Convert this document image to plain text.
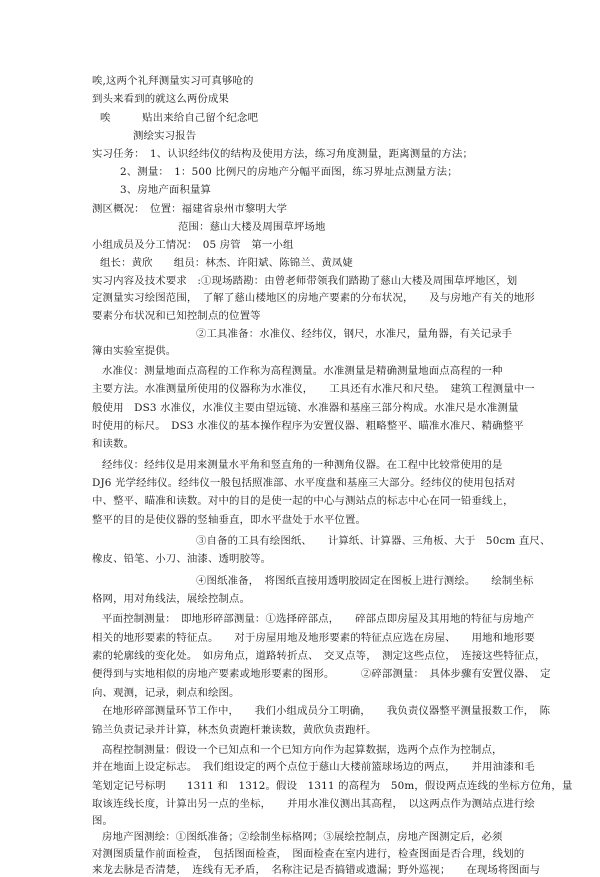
唉,这两个礼拜测量实习可真够呛的
到头来看到的就这么两份成果
唉　　　贴出来给自己留个纪念吧
测绘实习报告
实习任务：　1、认识经纬仪的结构及使用方法，练习角度测量，距离测量的方法；
2、测量：　1：500 比例尺的房地产分幅平面图，练习界址点测量方法；
3、房地产面积量算
测区概况：　位置：福建省泉州市黎明大学
范围：慈山大楼及周围草坪场地
小组成员及分工情况：　05 房管　第一小组
组长：黄欣　　组员：林杰、许阳斌、陈锦兰、黄凤婕
实习内容及技术要求　:①现场踏勘：由曾老师带领我们踏勘了慈山大楼及周围草坪地区，划
定测量实习绘图范围，　了解了慈山楼地区的房地产要素的分布状况，　　及与房地产有关的地形
要素分布状况和已知控制点的位置等
②工具准备：水准仪、经纬仪，钢尺，水准尺，量角器，有关记录手
簿由实验室提供。
水准仪：测量地面点高程的工作称为高程测量。水准测量是精确测量地面点高程的一种
主要方法。水准测量所使用的仪器称为水准仪，　　工具还有水准尺和尺垫。　建筑工程测量中一
般使用　DS3 水准仪，水准仪主要由望远镜、水准器和基座三部分构成。水准尺是水准测量
时使用的标尺。　DS3 水准仪的基本操作程序为安置仪器、粗略整平、瞄准水准尺、精确整平
和读数。
经纬仪：经纬仪是用来测量水平角和竖直角的一种测角仪器。在工程中比较常使用的是
DJ6 光学经纬仪。经纬仪一般包括照准部、水平度盘和基座三大部分。经纬仪的使用包括对
中、整平、瞄准和读数。对中的目的是使一起的中心与测站点的标志中心在同一铅垂线上，
整平的目的是使仪器的竖轴垂直，即水平盘处于水平位置。
③自备的工具有绘图纸、　　计算纸、计算器、三角板、大于　50cm 直尺、
橡皮、铅笔、小刀、油漆、透明胶等。
④图纸准备，　将图纸直接用透明胶固定在图板上进行测绘。　　绘制坐标
格网，用对角线法，展绘控制点。
平面控制测量：　即地形碎部测量：①选择碎部点，　　碎部点即房屋及其用地的特征与房地产
相关的地形要素的特征点。　　对于房屋用地及地形要素的特征点应选在房屋、　　用地和地形要
素的轮廓线的变化处。　如房角点，道路转折点、　交叉点等，　测定这些点位，　连接这些特征点，
便得到与实地相似的房地产要素或地形要素的图形。　　　②碎部测量：　具体步骤有安置仪器、　定
向、观测，记录，刺点和绘图。
在地形碎部测量环节工作中，　　我们小组成员分工明确，　　我负责仪器整平测量报数工作，　陈
锦兰负责记录并计算，林杰负责跑杆兼读数，黄欣负责跑杆。
高程控制测量：假设一个已知点和一个已知方向作为起算数据，选两个点作为控制点，
并在地面上设定标志。　我们组设定的两个点位于慈山大楼前篮球场边的两点，　　并用油漆和毛
笔划定记号标明　　1311 和　1312。假设　1311 的高程为　50m，假设两点连线的坐标方位角，量
取该连线长度，计算出另一点的坐标，　　并用水准仪测出其高程，　以这两点作为测站点进行绘
图。
房地产图测绘：①图纸准备；②绘制坐标格网；③展绘控制点，房地产图测定后，必须
对测图质量作前面检查，　包括图面检查，　图面检查在室内进行，检查图面是否合理，线划的
来龙去脉是否清楚，　连线有无矛盾，　名称注记是否搞错或遗漏；野外巡视；　　在现场将图面与
